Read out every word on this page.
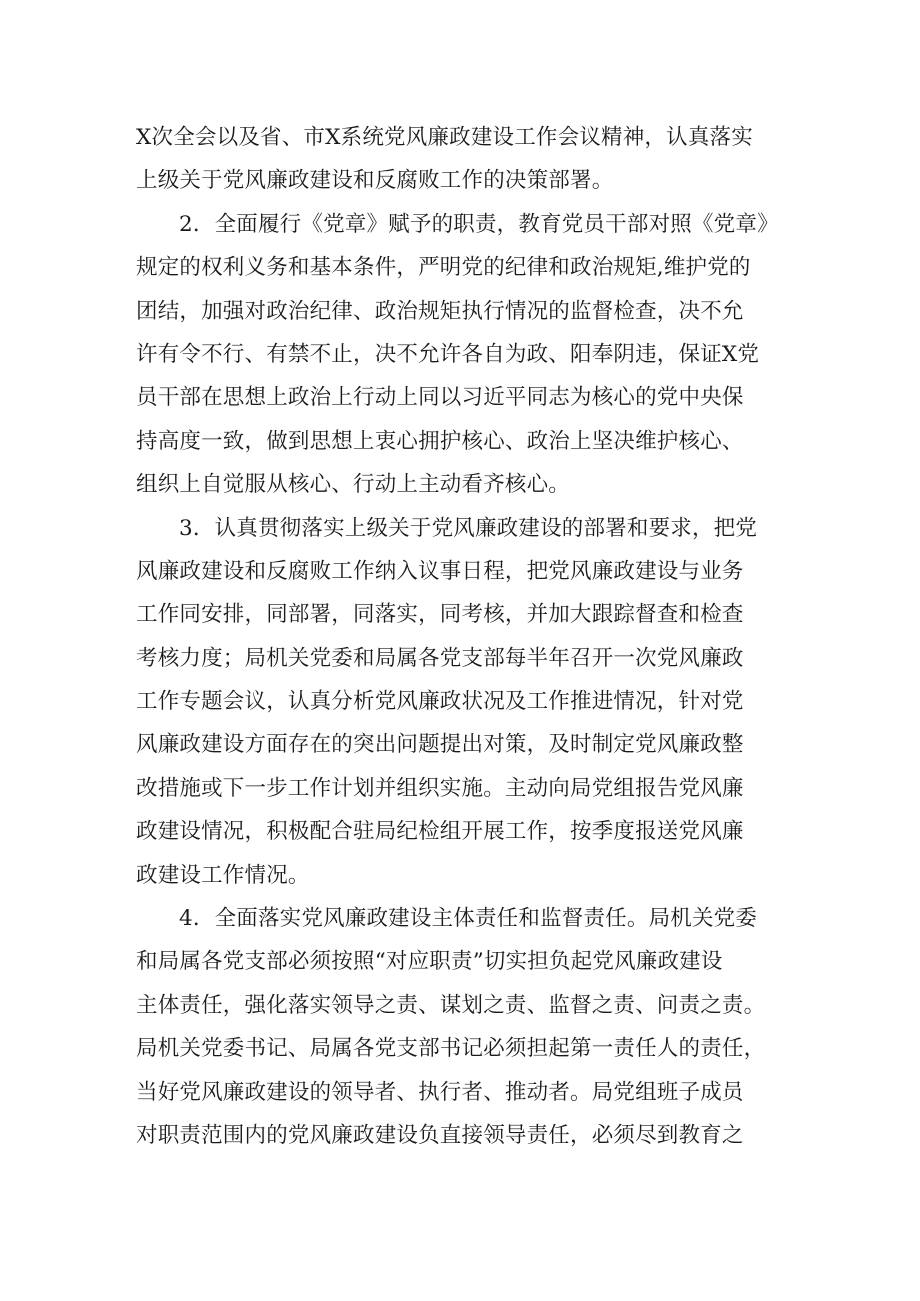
X次全会以及省、市X系统党风廉政建设工作会议精神，认真落实
上级关于党风廉政建设和反腐败工作的决策部署。
2．全面履行《党章》赋予的职责，教育党员干部对照《党章》
规定的权利义务和基本条件，严明党的纪律和政治规矩,维护党的
团结，加强对政治纪律、政治规矩执行情况的监督检查，决不允
许有令不行、有禁不止，决不允许各自为政、阳奉阴违，保证X党
员干部在思想上政治上行动上同以习近平同志为核心的党中央保
持高度一致，做到思想上衷心拥护核心、政治上坚决维护核心、
组织上自觉服从核心、行动上主动看齐核心。
3．认真贯彻落实上级关于党风廉政建设的部署和要求，把党
风廉政建设和反腐败工作纳入议事日程，把党风廉政建设与业务
工作同安排，同部署，同落实，同考核，并加大跟踪督查和检查
考核力度；局机关党委和局属各党支部每半年召开一次党风廉政
工作专题会议，认真分析党风廉政状况及工作推进情况，针对党
风廉政建设方面存在的突出问题提出对策，及时制定党风廉政整
改措施或下一步工作计划并组织实施。主动向局党组报告党风廉
政建设情况，积极配合驻局纪检组开展工作，按季度报送党风廉
政建设工作情况。
4．全面落实党风廉政建设主体责任和监督责任。局机关党委
和局属各党支部必须按照“对应职责”切实担负起党风廉政建设
主体责任，强化落实领导之责、谋划之责、监督之责、问责之责。
局机关党委书记、局属各党支部书记必须担起第一责任人的责任，
当好党风廉政建设的领导者、执行者、推动者。局党组班子成员
对职责范围内的党风廉政建设负直接领导责任，必须尽到教育之
